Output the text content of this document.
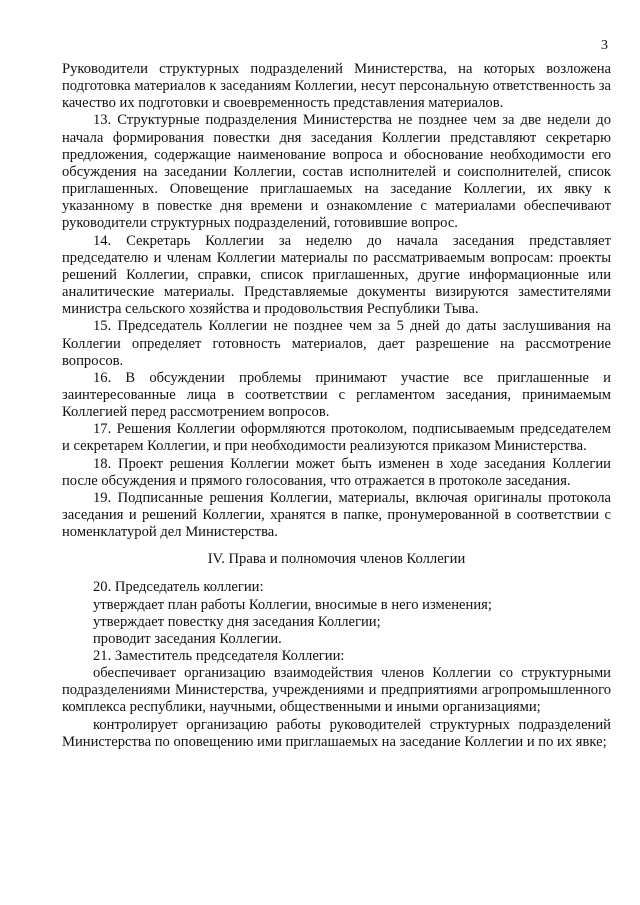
3

Руководители структурных подразделений Министерства, на которых возложена подготовка материалов к заседаниям Коллегии, несут персональную ответственность за качество их подготовки и своевременность представления материалов.

13. Структурные подразделения Министерства не позднее чем за две недели до начала формирования повестки дня заседания Коллегии представляют секретарю предложения, содержащие наименование вопроса и обоснование необходимости его обсуждения на заседании Коллегии, состав исполнителей и соисполнителей, список приглашенных. Оповещение приглашаемых на заседание Коллегии, их явку к указанному в повестке дня времени и ознакомление с материалами обеспечивают руководители структурных подразделений, готовившие вопрос.

14. Секретарь Коллегии за неделю до начала заседания представляет председателю и членам Коллегии материалы по рассматриваемым вопросам: проекты решений Коллегии, справки, список приглашенных, другие информационные или аналитические материалы. Представляемые документы визируются заместителями министра сельского хозяйства и продовольствия Республики Тыва.

15. Председатель Коллегии не позднее чем за 5 дней до даты заслушивания на Коллегии определяет готовность материалов, дает разрешение на рассмотрение вопросов.

16. В обсуждении проблемы принимают участие все приглашенные и заинтересованные лица в соответствии с регламентом заседания, принимаемым Коллегией перед рассмотрением вопросов.

17. Решения Коллегии оформляются протоколом, подписываемым председателем и секретарем Коллегии, и при необходимости реализуются приказом Министерства.

18. Проект решения Коллегии может быть изменен в ходе заседания Коллегии после обсуждения и прямого голосования, что отражается в протоколе заседания.

19. Подписанные решения Коллегии, материалы, включая оригиналы протокола заседания и решений Коллегии, хранятся в папке, пронумерованной в соответствии с номенклатурой дел Министерства.

IV. Права и полномочия членов Коллегии

20. Председатель коллегии:

утверждает план работы Коллегии, вносимые в него изменения;

утверждает повестку дня заседания Коллегии;

проводит заседания Коллегии.

21. Заместитель председателя Коллегии:

обеспечивает организацию взаимодействия членов Коллегии со структурными подразделениями Министерства, учреждениями и предприятиями агропромышленного комплекса республики, научными, общественными и иными организациями;

контролирует организацию работы руководителей структурных подразделений Министерства по оповещению ими приглашаемых на заседание Коллегии и по их явке;
